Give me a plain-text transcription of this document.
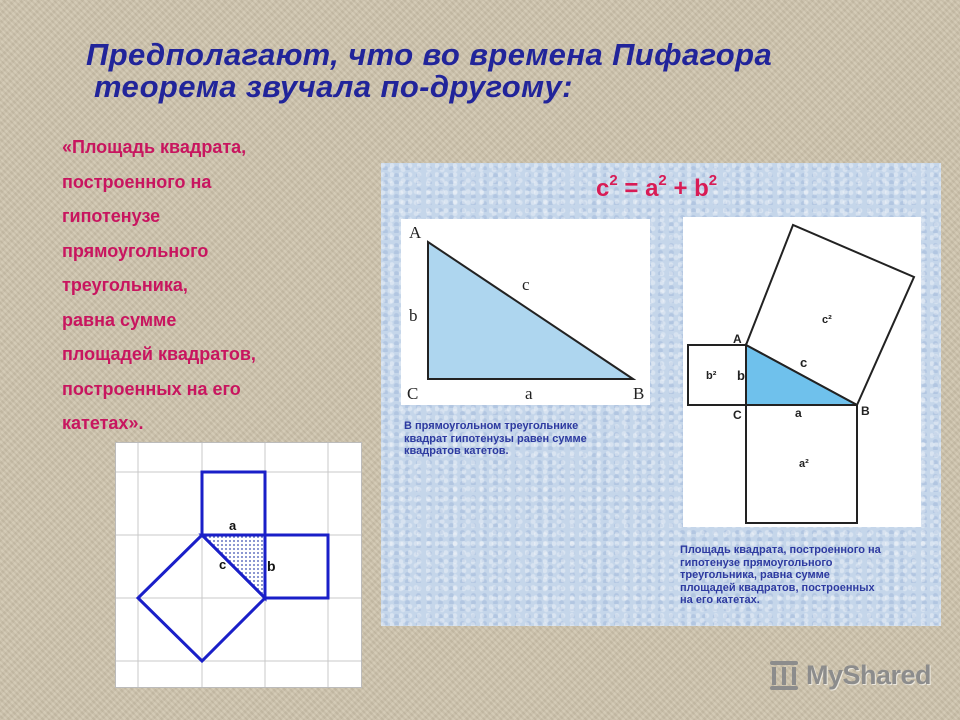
Предполагают, что во времена Пифагора
теорема звучала по-другому:
«Площадь квадрата,
построенного на
гипотенузе
прямоугольного
треугольника,
равна сумме
площадей квадратов,
построенных на его
катетах».
a
b
c
$c^2 = a^2 + b^2$
A
C	B
a
b
c
В прямоугольном треугольнике
квадрат гипотенузы равен сумме
квадратов катетов.
A
C	B
b
a
c
c²
b²
a²
Площадь квадрата, построенного на
гипотенузе прямоугольного
треугольника, равна сумме
площадей квадратов, построенных
на его катетах.
MyShared
